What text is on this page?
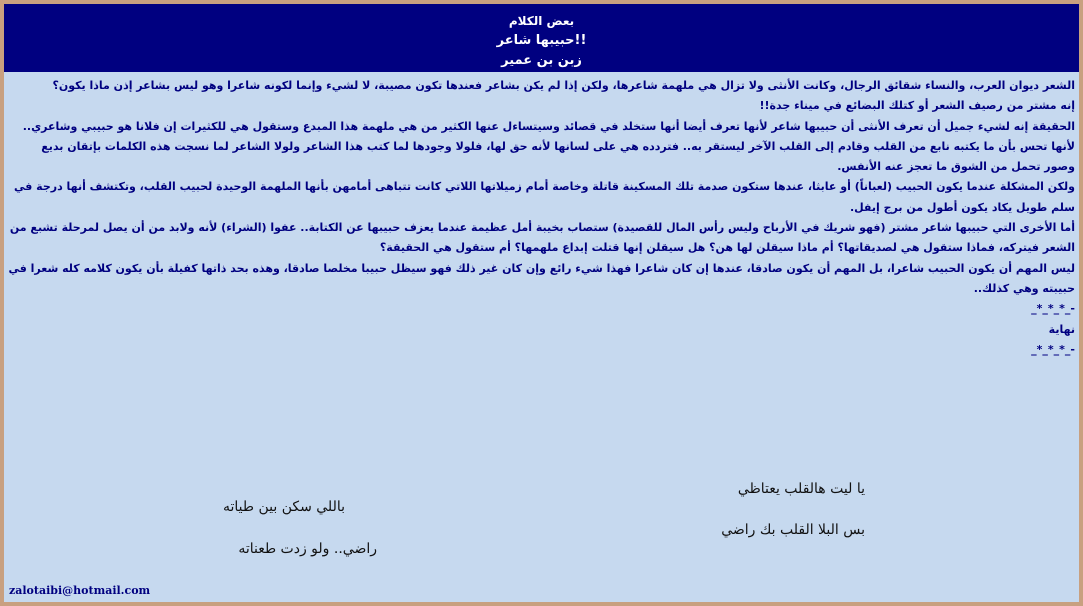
بعض الكلام
حبيبها شاعر!!
زبن بن عمير

الشعر ديوان العرب، والنساء شقائق الرجال، وكانت الأنثى ولا تزال هي ملهمة شاعرها، ولكن إذا لم يكن بشاعر فعندها تكون مصيبة، لا لشيء وإنما لكونه شاعرا وهو ليس بشاعر إذن ماذا يكون؟

إنه مشتر من رصيف الشعر أو كتلك البضائع في ميناء جدة!!

الحقيقة إنه لشيء جميل أن تعرف الأنثى أن حبيبها شاعر لأنها تعرف أيضا أنها ستخلد في قصائد وسيتساءل عنها الكثير من هي ملهمة هذا المبدع وستقول هي للكثيرات إن فلانا هو حبيبي وشاعري.. لأنها تحس بأن ما يكتبه نابع من القلب وقادم إلى القلب الآخر ليستقر به.. فتردده هي على لسانها لأنه حق لها، فلولا وجودها لما كتب هذا الشاعر ولولا الشاعر لما نسجت هذه الكلمات بإتقان بديع وصور تحمل من الشوق ما تعجز عنه الأنفس.

ولكن المشكلة عندما يكون الحبيب (لعباناً) أو عابثا، عندها ستكون صدمة تلك المسكينة قاتلة وخاصة أمام زميلاتها اللاتي كانت تتباهى أمامهن بأنها الملهمة الوحيدة لحبيب القلب، وتكتشف أنها درجة في سلم طويل يكاد يكون أطول من برج إيفل.

أما الأخرى التي حبيبها شاعر مشتر (فهو شريك في الأرباح وليس رأس المال للقصيدة) ستصاب بخيبة أمل عظيمة عندما يعزف حبيبها عن الكتابة.. عفوا (الشراء) لأنه ولابد من أن يصل لمرحلة تشبع من الشعر فيتركه، فماذا ستقول هي لصديقاتها؟ أم ماذا سيقلن لها هن؟ هل سيقلن إنها قتلت إبداع ملهمها؟ أم ستقول هي الحقيقة؟

ليس المهم أن يكون الحبيب شاعرا، بل المهم أن يكون صادقا، عندها إن كان شاعرا فهذا شيء رائع وإن كان غير ذلك فهو سيظل حبيبا مخلصا صادقا، وهذه بحد ذاتها كفيلة بأن يكون كلامه كله شعرا في حبيبته وهي كذلك..

-_*_*_*_

نهاية

-_*_*_*_

يا ليت هالقلب يعتاظي
بس البلا القلب بك راضي
باللي سكن بين طياته
راضي.. ولو زدت طعناته
zalotaibi@hotmail.com
